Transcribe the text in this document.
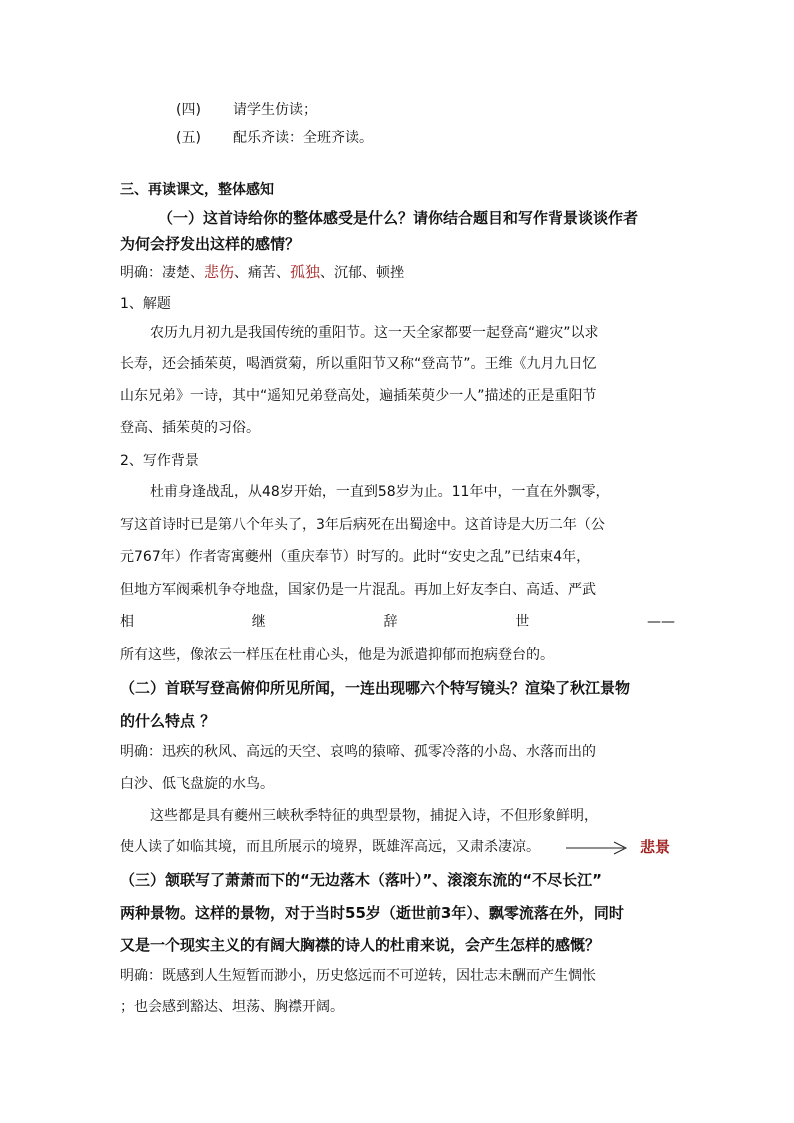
(四) 请学生仿读；
(五) 配乐齐读：全班齐读。
三、再读课文，整体感知
（一）这首诗给你的整体感受是什么？请你结合题目和写作背景谈谈作者
为何会抒发出这样的感情？
明确：凄楚、悲伤、痛苦、孤独、沉郁、顿挫
1、解题
农历九月初九是我国传统的重阳节。这一天全家都要一起登高“避灾”以求
长寿，还会插茱萸，喝酒赏菊，所以重阳节又称“登高节”。王维《九月九日忆
山东兄弟》一诗，其中“遥知兄弟登高处，遍插茱萸少一人”描述的正是重阳节
登高、插茱萸的习俗。
2、写作背景
杜甫身逢战乱，从48岁开始，一直到58岁为止。11年中，一直在外飘零，
写这首诗时已是第八个年头了，3年后病死在出蜀途中。这首诗是大历二年（公
元767年）作者寄寓夔州（重庆奉节）时写的。此时“安史之乱”已结束4年，
但地方军阀乘机争夺地盘，国家仍是一片混乱。再加上好友李白、高适、严武
相	继	辞	世	——
所有这些，像浓云一样压在杜甫心头，他是为派遣抑郁而抱病登台的。
（二）首联写登高俯仰所见所闻，一连出现哪六个特写镜头？渲染了秋江景物
的什么特点 ？
明确：迅疾的秋风、高远的天空、哀鸣的猿啼、孤零冷落的小岛、水落而出的
白沙、低飞盘旋的水鸟。
这些都是具有夔州三峡秋季特征的典型景物，捕捉入诗，不但形象鲜明，
使人读了如临其境，而且所展示的境界，既雄浑高远，又肃杀凄凉。	悲景
（三）颔联写了萧萧而下的“无边落木（落叶）”、滚滚东流的“不尽长江”
两种景物。这样的景物，对于当时55岁（逝世前3年）、飘零流落在外，同时
又是一个现实主义的有阔大胸襟的诗人的杜甫来说，会产生怎样的感慨？
明确：既感到人生短暂而渺小，历史悠远而不可逆转，因壮志未酬而产生惆怅
；也会感到豁达、坦荡、胸襟开阔。
